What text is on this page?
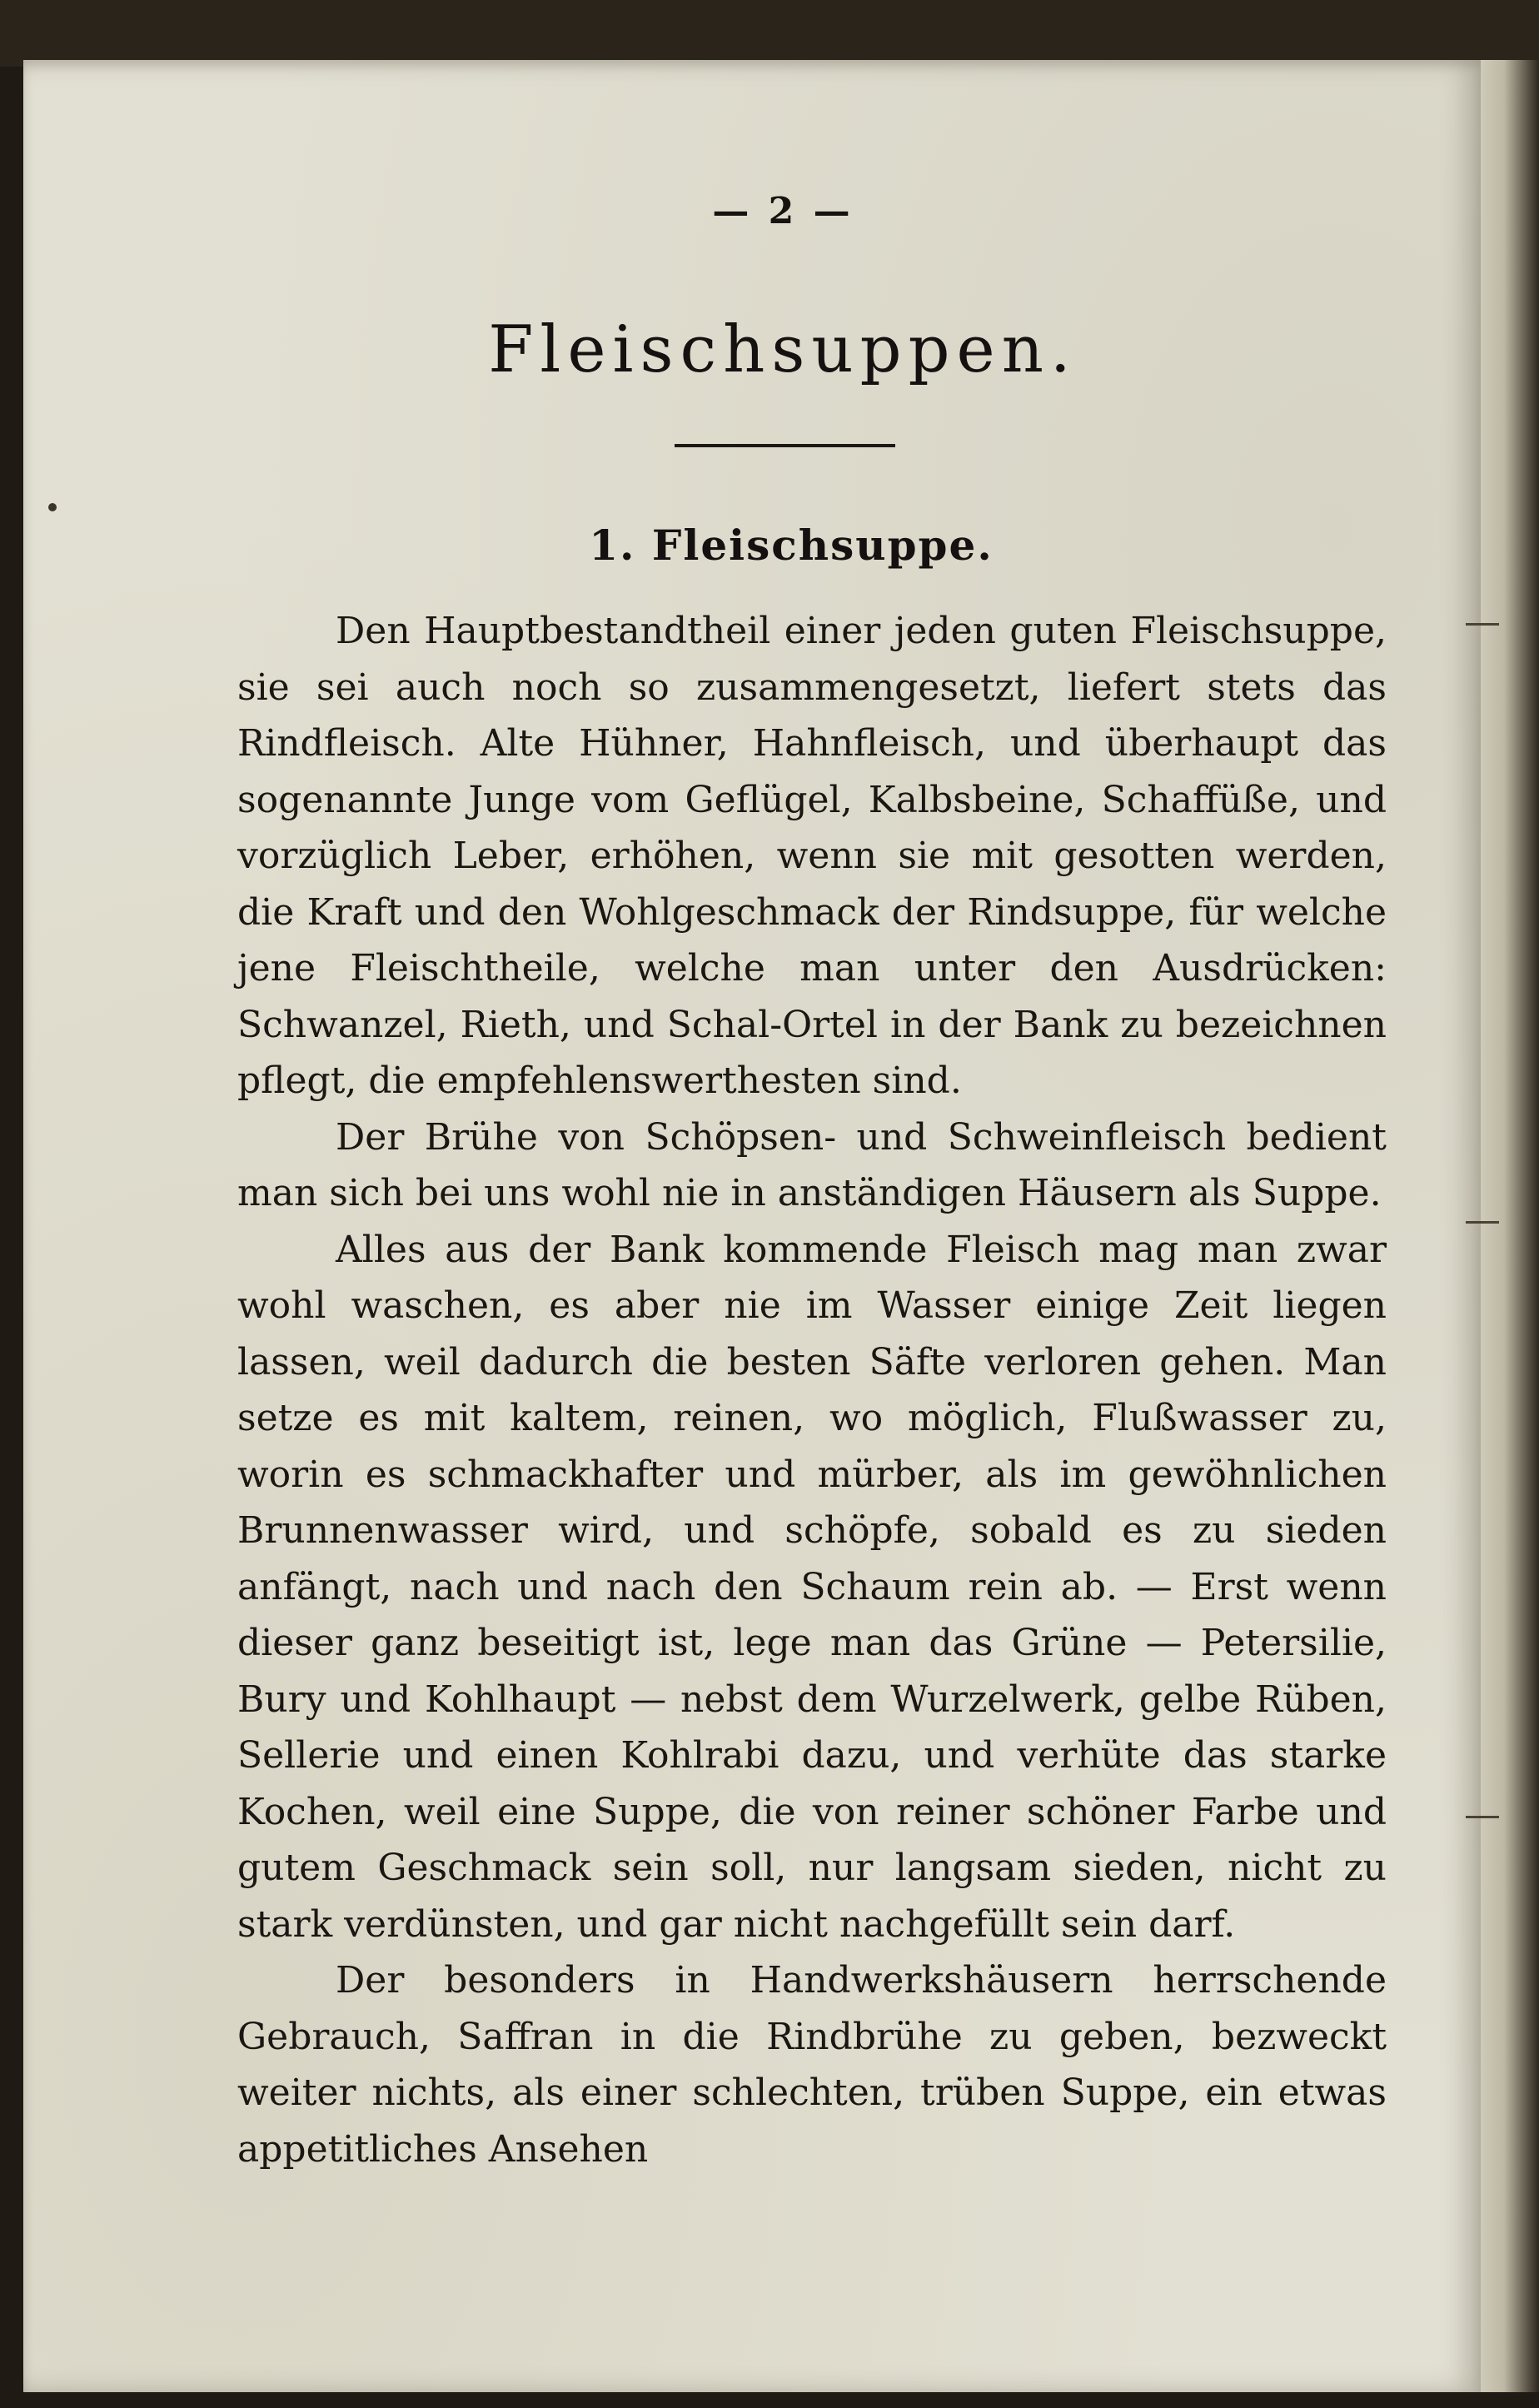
— 2 —
Fleischsuppen.
1. Fleischsuppe.

Den Hauptbestandtheil einer jeden guten Fleischsuppe, sie sei auch noch so zusammengesetzt, liefert stets das Rindfleisch. Alte Hühner, Hahnfleisch, und überhaupt das sogenannte Junge vom Geflügel, Kalbsbeine, Schaffüße, und vorzüglich Leber, erhöhen, wenn sie mit gesotten werden, die Kraft und den Wohlgeschmack der Rindsuppe, für welche jene Fleischtheile, welche man unter den Ausdrücken: Schwanzel, Rieth, und Schal-Ortel in der Bank zu bezeichnen pflegt, die empfehlenswerthesten sind.

Der Brühe von Schöpsen- und Schweinfleisch bedient man sich bei uns wohl nie in anständigen Häusern als Suppe.

Alles aus der Bank kommende Fleisch mag man zwar wohl waschen, es aber nie im Wasser einige Zeit liegen lassen, weil dadurch die besten Säfte verloren gehen. Man setze es mit kaltem, reinen, wo möglich, Flußwasser zu, worin es schmackhafter und mürber, als im gewöhnlichen Brunnenwasser wird, und schöpfe, sobald es zu sieden anfängt, nach und nach den Schaum rein ab. — Erst wenn dieser ganz beseitigt ist, lege man das Grüne — Petersilie, Bury und Kohlhaupt — nebst dem Wurzelwerk, gelbe Rüben, Sellerie und einen Kohlrabi dazu, und verhüte das starke Kochen, weil eine Suppe, die von reiner schöner Farbe und gutem Geschmack sein soll, nur langsam sieden, nicht zu stark verdünsten, und gar nicht nachgefüllt sein darf.

Der besonders in Handwerkshäusern herrschende Gebrauch, Saffran in die Rindbrühe zu geben, bezweckt weiter nichts, als einer schlechten, trüben Suppe, ein etwas appetitliches Ansehen
